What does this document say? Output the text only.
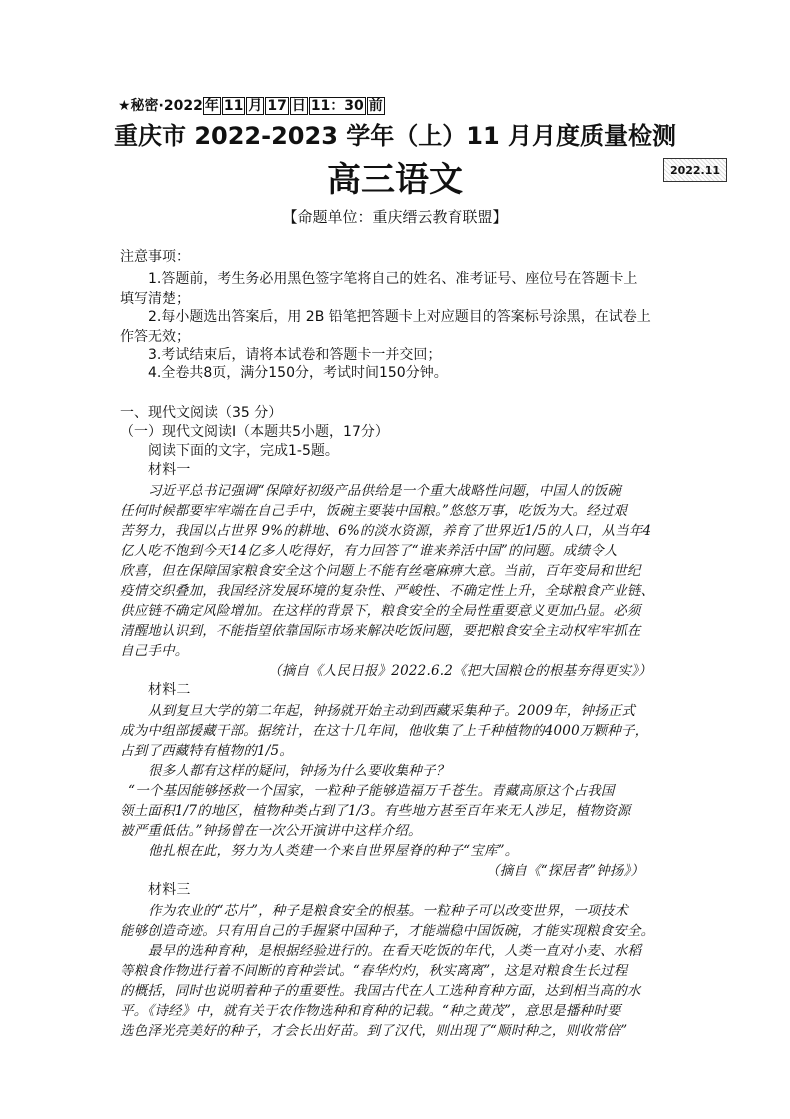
★秘密·2022 年 11 月 17 日 11：30 前
重庆市 2022-2023 学年（上）11 月月度质量检测
高三语文	2022.11
【命题单位：重庆缙云教育联盟】
注意事项：
1.答题前，考生务必用黑色签字笔将自己的姓名、准考证号、座位号在答题卡上
填写清楚；
2.每小题选出答案后，用 2B 铅笔把答题卡上对应题目的答案标号涂黑，在试卷上
作答无效；
3.考试结束后，请将本试卷和答题卡一并交回；
4.全卷共8页，满分150分，考试时间150分钟。
一、现代文阅读（35 分）
（一）现代文阅读Ⅰ（本题共5小题，17分）
阅读下面的文字，完成1-5题。
材料一
习近平总书记强调“保障好初级产品供给是一个重大战略性问题，中国人的饭碗
任何时候都要牢牢端在自己手中，饭碗主要装中国粮。”悠悠万事，吃饭为大。经过艰
苦努力，我国以占世界 9%的耕地、6%的淡水资源，养育了世界近1/5的人口，从当年4
亿人吃不饱到今天14亿多人吃得好，有力回答了“谁来养活中国”的问题。成绩令人
欣喜，但在保障国家粮食安全这个问题上不能有丝毫麻痹大意。当前，百年变局和世纪
疫情交织叠加，我国经济发展环境的复杂性、严峻性、不确定性上升，全球粮食产业链、
供应链不确定风险增加。在这样的背景下，粮食安全的全局性重要意义更加凸显。必须
清醒地认识到，不能指望依靠国际市场来解决吃饭问题，要把粮食安全主动权牢牢抓在
自己手中。
（摘自《人民日报》2022.6.2《把大国粮仓的根基夯得更实》）
材料二
从到复旦大学的第二年起，钟扬就开始主动到西藏采集种子。2009年，钟扬正式
成为中组部援藏干部。据统计，在这十几年间，他收集了上千种植物的4000万颗种子，
占到了西藏特有植物的1/5。
很多人都有这样的疑问，钟扬为什么要收集种子？
“一个基因能够拯救一个国家，一粒种子能够造福万千苍生。青藏高原这个占我国
领土面积1/7的地区，植物种类占到了1/3。有些地方甚至百年来无人涉足，植物资源
被严重低估。”钟扬曾在一次公开演讲中这样介绍。
他扎根在此，努力为人类建一个来自世界屋脊的种子“宝库”。
（摘自《“探居者”钟扬》）
材料三
作为农业的“芯片”，种子是粮食安全的根基。一粒种子可以改变世界，一项技术
能够创造奇迹。只有用自己的手握紧中国种子，才能端稳中国饭碗，才能实现粮食安全。
最早的选种育种，是根据经验进行的。在看天吃饭的年代，人类一直对小麦、水稻
等粮食作物进行着不间断的育种尝试。“春华灼灼，秋实离离”，这是对粮食生长过程
的概括，同时也说明着种子的重要性。我国古代在人工选种育种方面，达到相当高的水
平。《诗经》中，就有关于农作物选种和育种的记载。“种之黄茂”，意思是播种时要
选色泽光亮美好的种子，才会长出好苗。到了汉代，则出现了“顺时种之，则收常倍”
